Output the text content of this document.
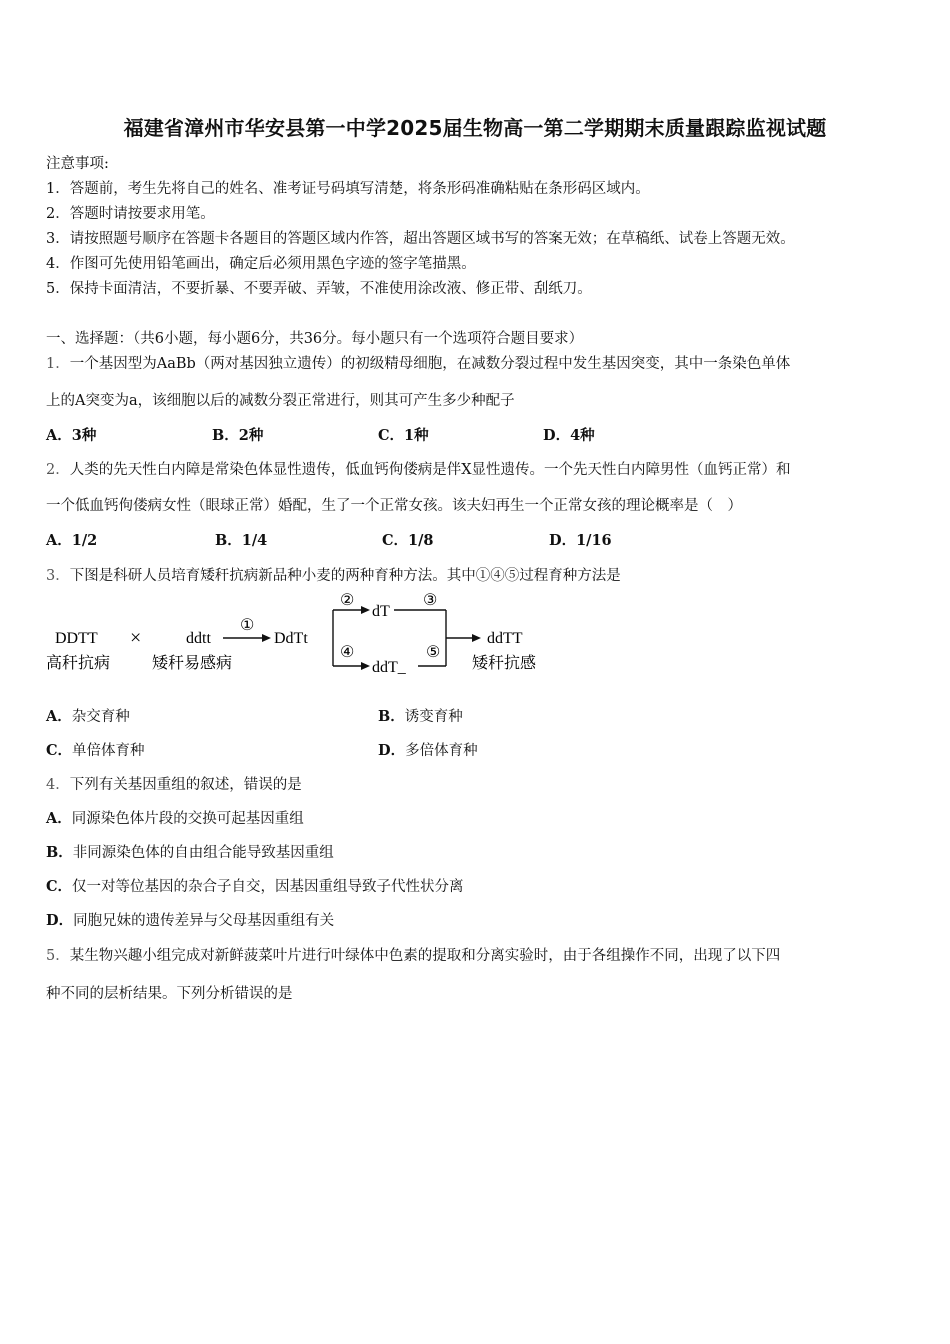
福建省漳州市华安县第一中学2025届生物高一第二学期期末质量跟踪监视试题
注意事项:
1．答题前，考生先将自己的姓名、准考证号码填写清楚，将条形码准确粘贴在条形码区域内。
2．答题时请按要求用笔。
3．请按照题号顺序在答题卡各题目的答题区域内作答，超出答题区域书写的答案无效；在草稿纸、试卷上答题无效。
4．作图可先使用铅笔画出，确定后必须用黑色字迹的签字笔描黑。
5．保持卡面清洁，不要折暴、不要弄破、弄皱，不准使用涂改液、修正带、刮纸刀。
一、选择题：（共6小题，每小题6分，共36分。每小题只有一个选项符合题目要求）
1．一个基因型为AaBb（两对基因独立遗传）的初级精母细胞，在减数分裂过程中发生基因突变，其中一条染色单体
上的A突变为a，该细胞以后的减数分裂正常进行，则其可产生多少种配子
A．3种	B．2种	C．1种	D．4种
2．人类的先天性白内障是常染色体显性遗传，低血钙佝偻病是伴X显性遗传。一个先天性白内障男性（血钙正常）和
一个低血钙佝偻病女性（眼球正常）婚配，生了一个正常女孩。该夫妇再生一个正常女孩的理论概率是（　）
A．1/2	B．1/4	C．1/8	D．1/16
3．下图是科研人员培育矮秆抗病新品种小麦的两种育种方法。其中①④⑤过程育种方法是
DDTT
高秆抗病
×	ddtt
矮秆易感病
①
DdTt
②
dT
③
④
ddT_
⑤
ddTT
矮秆抗感
A．杂交育种	B．诱变育种
C．单倍体育种	D．多倍体育种
4．下列有关基因重组的叙述，错误的是
A．同源染色体片段的交换可起基因重组
B．非同源染色体的自由组合能导致基因重组
C．仅一对等位基因的杂合子自交，因基因重组导致子代性状分离
D．同胞兄妹的遗传差异与父母基因重组有关
5．某生物兴趣小组完成对新鲜菠菜叶片进行叶绿体中色素的提取和分离实验时，由于各组操作不同，出现了以下四
种不同的层析结果。下列分析错误的是
